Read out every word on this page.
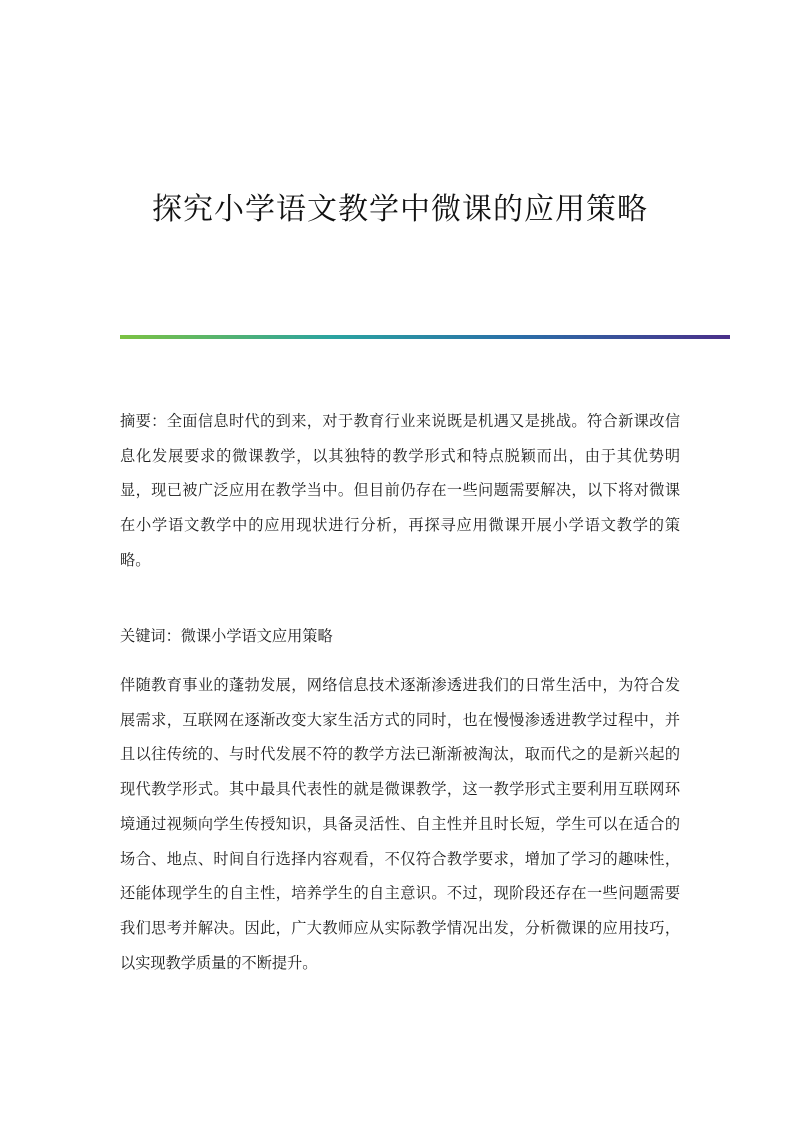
探究小学语文教学中微课的应用策略

摘要：全面信息时代的到来，对于教育行业来说既是机遇又是挑战。符合新课改信息化发展要求的微课教学，以其独特的教学形式和特点脱颖而出，由于其优势明显，现已被广泛应用在教学当中。但目前仍存在一些问题需要解决，以下将对微课在小学语文教学中的应用现状进行分析，再探寻应用微课开展小学语文教学的策略。

关键词：微课小学语文应用策略

伴随教育事业的蓬勃发展，网络信息技术逐渐渗透进我们的日常生活中，为符合发展需求，互联网在逐渐改变大家生活方式的同时，也在慢慢渗透进教学过程中，并且以往传统的、与时代发展不符的教学方法已渐渐被淘汰，取而代之的是新兴起的现代教学形式。其中最具代表性的就是微课教学，这一教学形式主要利用互联网环境通过视频向学生传授知识，具备灵活性、自主性并且时长短，学生可以在适合的场合、地点、时间自行选择内容观看，不仅符合教学要求，增加了学习的趣味性，还能体现学生的自主性，培养学生的自主意识。不过，现阶段还存在一些问题需要我们思考并解决。因此，广大教师应从实际教学情况出发，分析微课的应用技巧，以实现教学质量的不断提升。
